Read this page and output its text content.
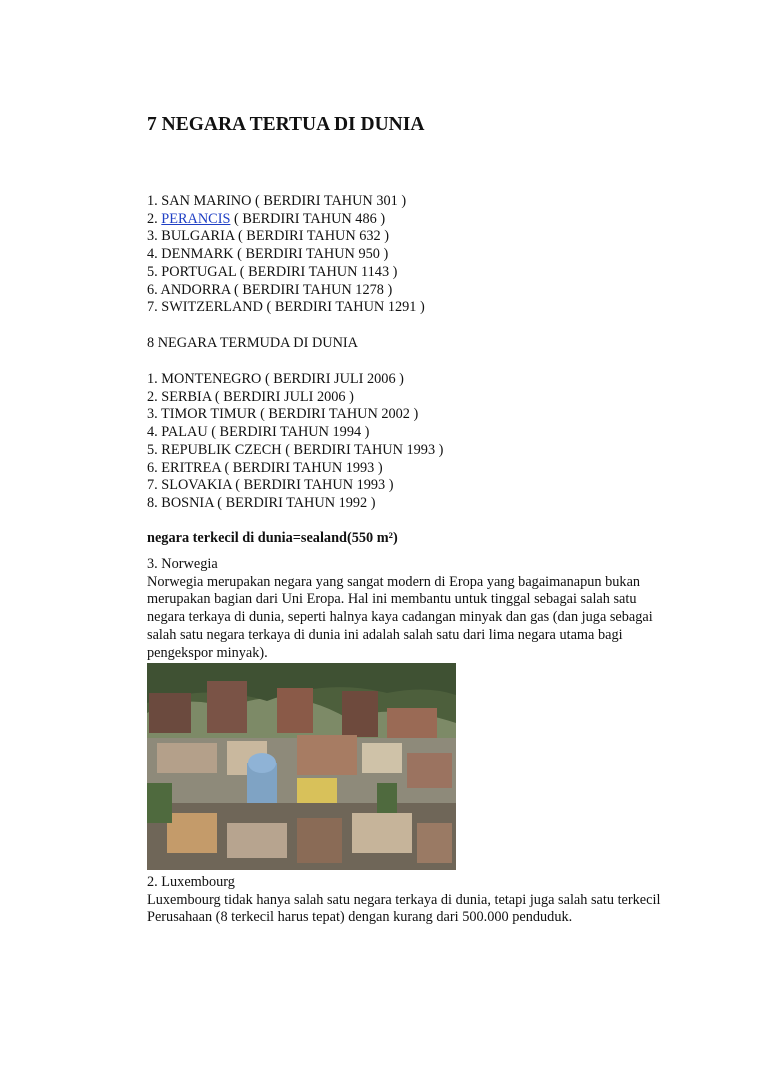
7 NEGARA TERTUA DI DUNIA
1. SAN MARINO ( BERDIRI TAHUN 301 )
2. PERANCIS ( BERDIRI TAHUN 486 )
3. BULGARIA ( BERDIRI TAHUN 632 )
4. DENMARK ( BERDIRI TAHUN 950 )
5. PORTUGAL ( BERDIRI TAHUN 1143 )
6. ANDORRA ( BERDIRI TAHUN 1278 )
7. SWITZERLAND ( BERDIRI TAHUN 1291 )

8 NEGARA TERMUDA DI DUNIA

1. MONTENEGRO ( BERDIRI JULI 2006 )
2. SERBIA ( BERDIRI JULI 2006 )
3. TIMOR TIMUR ( BERDIRI TAHUN 2002 )
4. PALAU ( BERDIRI TAHUN 1994 )
5. REPUBLIK CZECH ( BERDIRI TAHUN 1993 )
6. ERITREA ( BERDIRI TAHUN 1993 )
7. SLOVAKIA ( BERDIRI TAHUN 1993 )
8. BOSNIA ( BERDIRI TAHUN 1992 )

negara terkecil di dunia=sealand(550 m²)

3. Norwegia
Norwegia merupakan negara yang sangat modern di Eropa yang bagaimanapun bukan merupakan bagian dari Uni Eropa. Hal ini membantu untuk tinggal sebagai salah satu negara terkaya di dunia, seperti halnya kaya cadangan minyak dan gas (dan juga sebagai salah satu negara terkaya di dunia ini adalah salah satu dari lima negara utama bagi pengekspor minyak).

2. Luxembourg
Luxembourg tidak hanya salah satu negara terkaya di dunia, tetapi juga salah satu terkecil Perusahaan (8 terkecil harus tepat) dengan kurang dari 500.000 penduduk.
